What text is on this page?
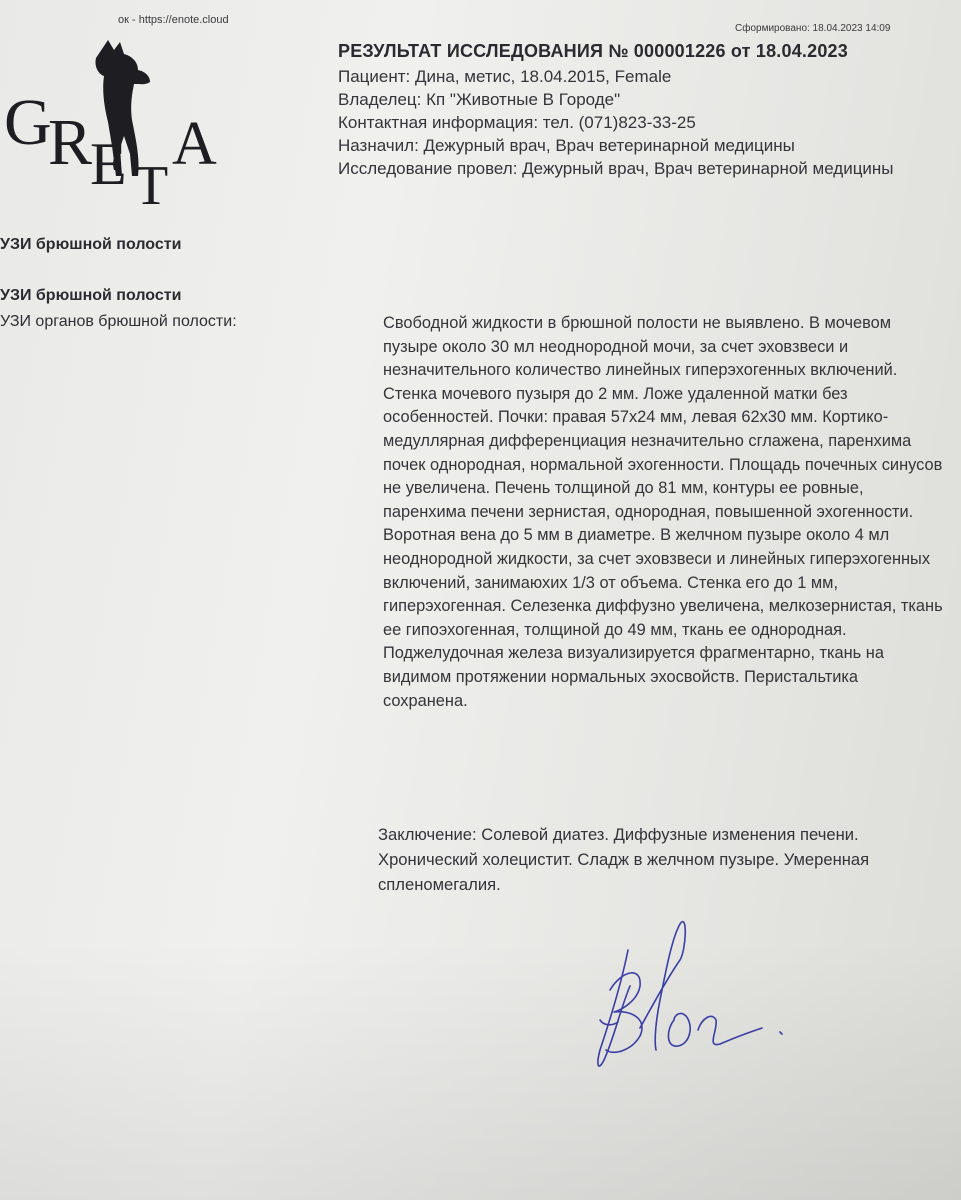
ок - https://enote.cloud
Сформировано: 18.04.2023 14:09
G
R
E T
A
РЕЗУЛЬТАТ ИССЛЕДОВАНИЯ № 000001226 от 18.04.2023
Пациент: Дина, метис, 18.04.2015, Female
Владелец: Кп "Животные В Городе"
Контактная информация: тел. (071)823-33-25
Назначил: Дежурный врач, Врач ветеринарной медицины
Исследование провел: Дежурный врач, Врач ветеринарной медицины
УЗИ брюшной полости
УЗИ брюшной полости
УЗИ органов брюшной полости:	Свободной жидкости в брюшной полости не выявлено. В мочевом пузыре около 30 мл неоднородной мочи, за счет эховзвеси и незначительного количество линейных гиперэхогенных включений. Стенка мочевого пузыря до 2 мм. Ложе удаленной матки без особенностей. Почки: правая 57х24 мм, левая 62х30 мм. Кортико-медуллярная дифференциация незначительно сглажена, паренхима почек однородная, нормальной эхогенности. Площадь почечных синусов не увеличена. Печень толщиной до 81 мм, контуры ее ровные, паренхима печени зернистая, однородная, повышенной эхогенности. Воротная вена до 5 мм в диаметре. В желчном пузыре около 4 мл неоднородной жидкости, за счет эховзвеси и линейных гиперэхогенных включений, занимаюхих 1/3 от объема. Стенка его до 1 мм, гиперэхогенная. Селезенка диффузно увеличена, мелкозернистая, ткань ее гипоэхогенная, толщиной до 49 мм, ткань ее однородная. Поджелудочная железа визуализируется фрагментарно, ткань на видимом протяжении нормальных эхосвойств. Перистальтика сохранена.
Заключение: Солевой диатез. Диффузные изменения печени. Хронический холецистит. Сладж в желчном пузыре. Умеренная спленомегалия.
